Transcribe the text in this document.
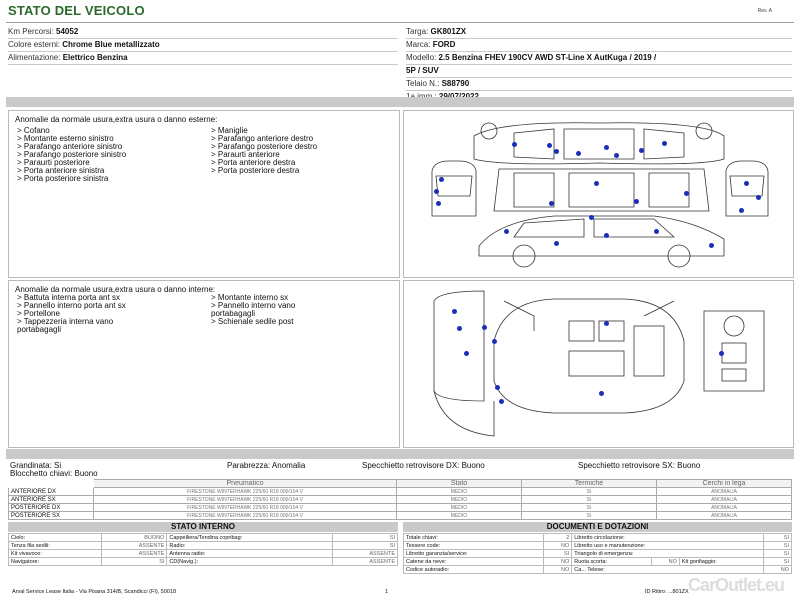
STATO DEL VEICOLO	Rev. A
Km Percorsi: 54052
Colore esterni: Chrome Blue metallizzato
Alimentazione: Elettrico Benzina
Targa: GK801ZX
Marca: FORD
Modello: 2.5 Benzina FHEV 190CV AWD ST-Line X AutKuga / 2019 /
5P / SUV
Telaio N.: S88790
Anomalie da normale usura,extra usura o danno esterne:
> Cofano
> Montante esterno sinistro
> Parafango anteriore sinistro
> Parafango posteriore sinistro
> Paraurti posteriore
> Porta anteriore sinistra
> Porta posteriore sinistra
> Maniglie
> Parafango anteriore destro
> Parafango posteriore destro
> Paraurti anteriore
> Porta anteriore destra
> Porta posteriore destra
Anomalie da normale usura,extra usura o danno interne:
> Battuta interna porta ant sx
> Pannello interno porta ant sx
> Portellone
> Tappezzeria interna vano
portabagagli
> Montante interno sx
> Pannello interno vano
portabagagli
> Schienale sedile post
Grandinata: Si
Blocchetto chiavi: Buono
Parabrezza: Anomalia	Specchietto retrovisore DX: Buono	Specchietto retrovisore SX: Buono
	Pneumatico	Stato	Termiche	Cerchi in lega
ANTERIORE DX	FIRESTONE WINTERHAWK 225/60 R18 000/104 V	MEDIO	SI	ANOMALIA
ANTERIORE SX	FIRESTONE WINTERHAWK 225/60 R18 000/104 V	MEDIO	SI	ANOMALIA
POSTERIORE DX	FIRESTONE WINTERHAWK 225/60 R18 000/104 V	MEDIO	SI	ANOMALIA
POSTERIORE SX	FIRESTONE WINTERHAWK 225/60 R18 000/104 V	MEDIO	SI	ANOMALIA
STATO INTERNO
Cielo:	BUONO	Cappelliera/Tendina copribag:	SI
Tenza fila sedili:	ASSENTE	Radio:	SI
Kit vivavoce:	ASSENTE	Antenna radio:	ASSENTE
Navigatore:	SI	CD(Navig.):	ASSENTE
DOCUMENTI E DOTAZIONI
Totale chiavi:	2	Libretto circolazione:			SI
Tessere code:	NO	Libretto uso e manutenzione:			SI
Libretto garanzia/service:	SI	Triangolo di emergenza:			SI
Catene da neve:	NO	Ruota scorta:	NO	Kit gonfiaggio:	SI
Codice autoradio:	NO	Ca... Telese:			NO
Arval Service Lease Italia - Via Pisana 314/B, Scandicci (FI), 50018	1	ID Ritiro: ...801ZX CarOutlet.eu
